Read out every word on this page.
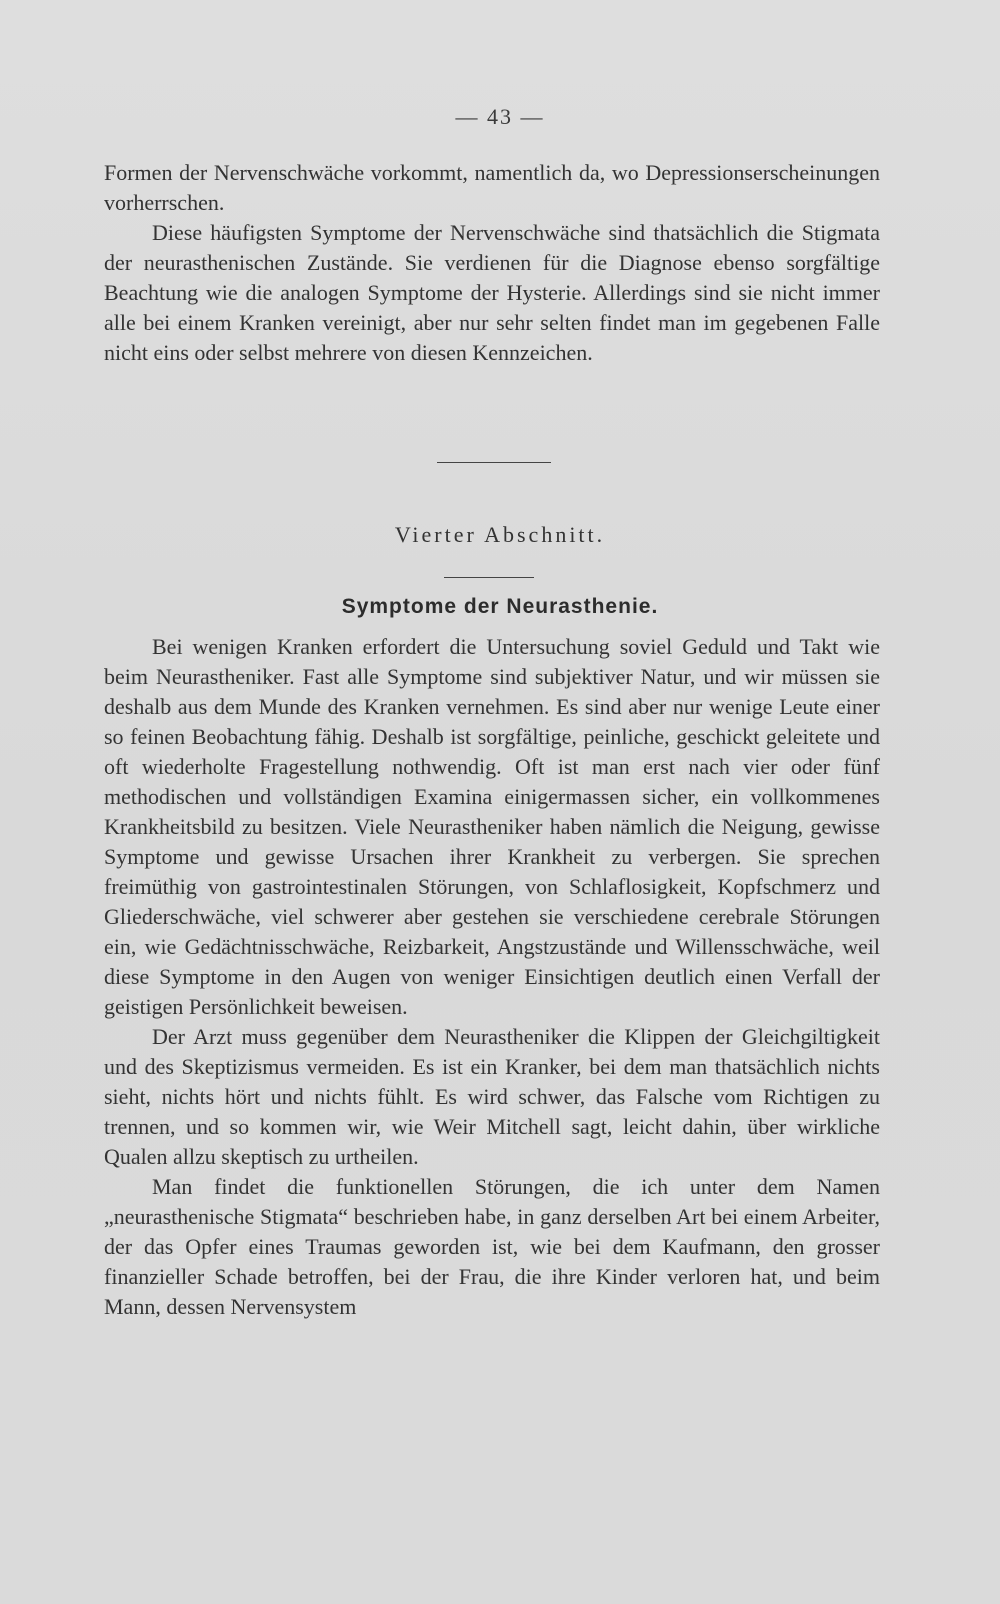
— 43 —

Formen der Nervenschwäche vorkommt, namentlich da, wo Depressionserscheinungen vorherrschen.

Diese häufigsten Symptome der Nervenschwäche sind thatsächlich die Stigmata der neurasthenischen Zustände. Sie verdienen für die Diagnose ebenso sorgfältige Beachtung wie die analogen Symptome der Hysterie. Allerdings sind sie nicht immer alle bei einem Kranken vereinigt, aber nur sehr selten findet man im gegebenen Falle nicht eins oder selbst mehrere von diesen Kennzeichen.

Vierter Abschnitt.
Symptome der Neurasthenie.

Bei wenigen Kranken erfordert die Untersuchung soviel Geduld und Takt wie beim Neurastheniker. Fast alle Symptome sind subjektiver Natur, und wir müssen sie deshalb aus dem Munde des Kranken vernehmen. Es sind aber nur wenige Leute einer so feinen Beobachtung fähig. Deshalb ist sorgfältige, peinliche, geschickt geleitete und oft wiederholte Fragestellung nothwendig. Oft ist man erst nach vier oder fünf methodischen und vollständigen Examina einigermassen sicher, ein vollkommenes Krankheitsbild zu besitzen. Viele Neurastheniker haben nämlich die Neigung, gewisse Symptome und gewisse Ursachen ihrer Krankheit zu verbergen. Sie sprechen freimüthig von gastrointestinalen Störungen, von Schlaflosigkeit, Kopfschmerz und Gliederschwäche, viel schwerer aber gestehen sie verschiedene cerebrale Störungen ein, wie Gedächtnisschwäche, Reizbarkeit, Angstzustände und Willensschwäche, weil diese Symptome in den Augen von weniger Einsichtigen deutlich einen Verfall der geistigen Persönlichkeit beweisen.

Der Arzt muss gegenüber dem Neurastheniker die Klippen der Gleichgiltigkeit und des Skeptizismus vermeiden. Es ist ein Kranker, bei dem man thatsächlich nichts sieht, nichts hört und nichts fühlt. Es wird schwer, das Falsche vom Richtigen zu trennen, und so kommen wir, wie Weir Mitchell sagt, leicht dahin, über wirkliche Qualen allzu skeptisch zu urtheilen.

Man findet die funktionellen Störungen, die ich unter dem Namen „neurasthenische Stigmata“ beschrieben habe, in ganz derselben Art bei einem Arbeiter, der das Opfer eines Traumas geworden ist, wie bei dem Kaufmann, den grosser finanzieller Schade betroffen, bei der Frau, die ihre Kinder verloren hat, und beim Mann, dessen Nervensystem
